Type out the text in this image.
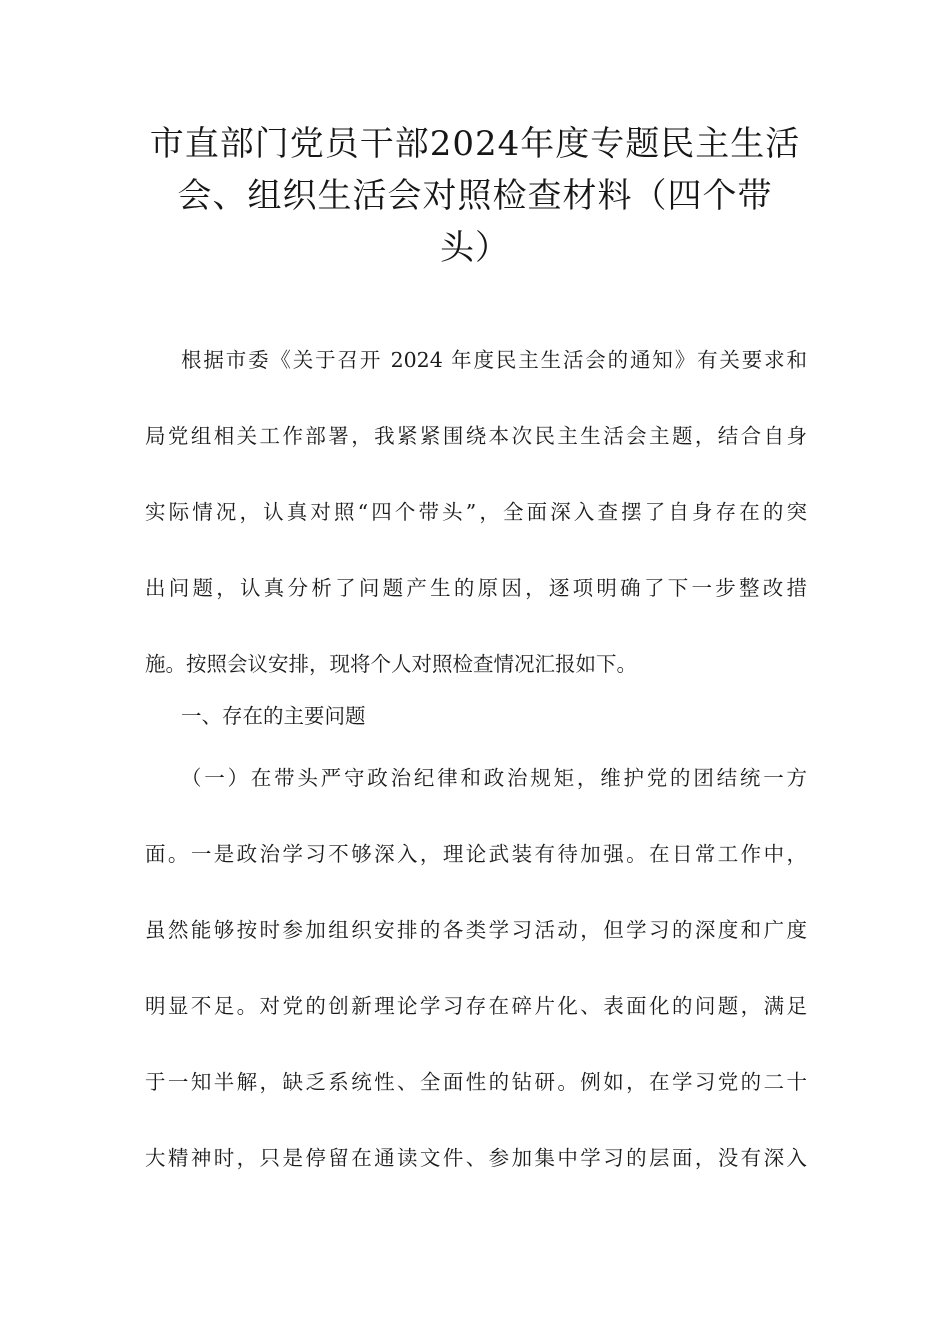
市直部门党员干部2024年度专题民主生活
会、组织生活会对照检查材料（四个带
头）
根据市委《关于召开 2024 年度民主生活会的通知》有关要求和
局党组相关工作部署，我紧紧围绕本次民主生活会主题，结合自身
实际情况，认真对照“四个带头”，全面深入查摆了自身存在的突
出问题，认真分析了问题产生的原因，逐项明确了下一步整改措
施。按照会议安排，现将个人对照检查情况汇报如下。
一、存在的主要问题
（一）在带头严守政治纪律和政治规矩，维护党的团结统一方
面。一是政治学习不够深入，理论武装有待加强。在日常工作中，
虽然能够按时参加组织安排的各类学习活动，但学习的深度和广度
明显不足。对党的创新理论学习存在碎片化、表面化的问题，满足
于一知半解，缺乏系统性、全面性的钻研。例如，在学习党的二十
大精神时，只是停留在通读文件、参加集中学习的层面，没有深入
